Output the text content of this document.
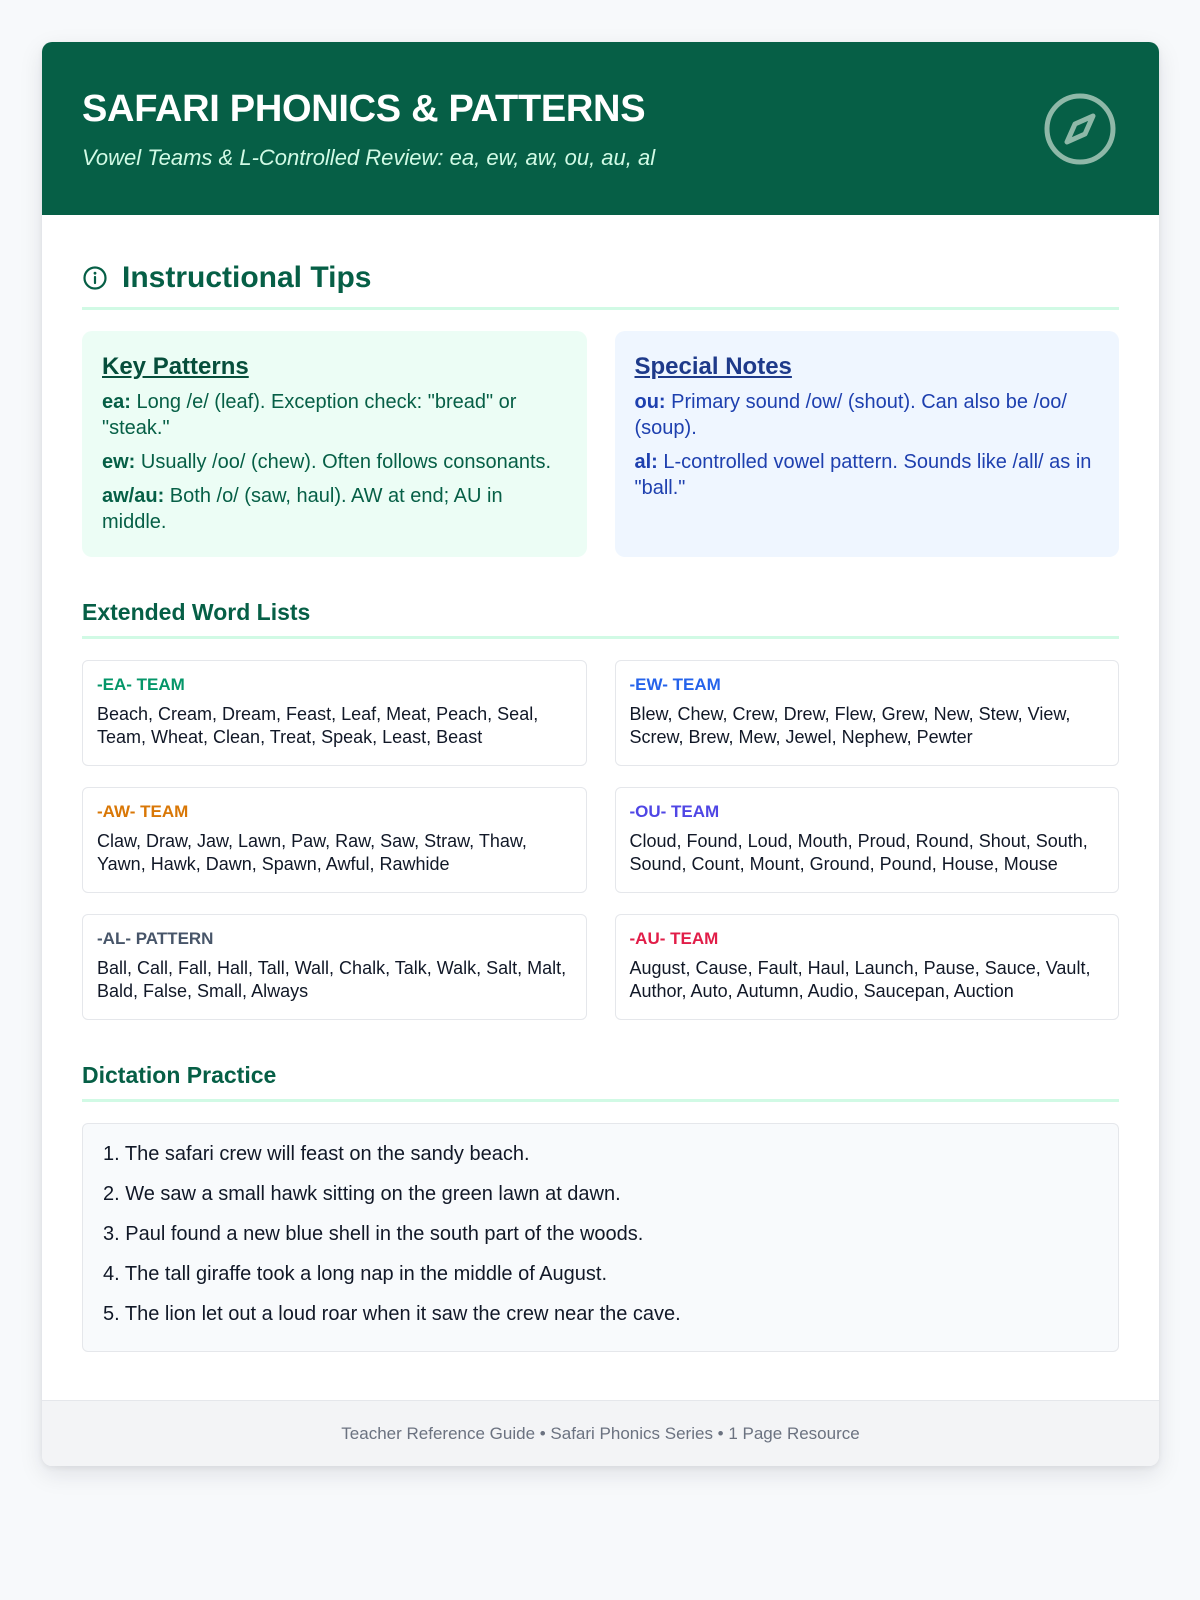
SAFARI PHONICS & PATTERNS
Vowel Teams & L-Controlled Review: ea, ew, aw, ou, au, al
Instructional Tips
Key Patterns

ea: Long /e/ (leaf). Exception check: "bread" or "steak."

ew: Usually /oo/ (chew). Often follows consonants.

aw/au: Both /o/ (saw, haul). AW at end; AU in middle.

Special Notes

ou: Primary sound /ow/ (shout). Can also be /oo/ (soup).

al: L-controlled vowel pattern. Sounds like /all/ as in "ball."

Extended Word Lists
-EA- TEAM
Beach, Cream, Dream, Feast, Leaf, Meat, Peach, Seal, Team, Wheat, Clean, Treat, Speak, Least, Beast
-EW- TEAM
Blew, Chew, Crew, Drew, Flew, Grew, New, Stew, View, Screw, Brew, Mew, Jewel, Nephew, Pewter
-AW- TEAM
Claw, Draw, Jaw, Lawn, Paw, Raw, Saw, Straw, Thaw, Yawn, Hawk, Dawn, Spawn, Awful, Rawhide
-OU- TEAM
Cloud, Found, Loud, Mouth, Proud, Round, Shout, South, Sound, Count, Mount, Ground, Pound, House, Mouse
-AL- PATTERN
Ball, Call, Fall, Hall, Tall, Wall, Chalk, Talk, Walk, Salt, Malt, Bald, False, Small, Always
-AU- TEAM
August, Cause, Fault, Haul, Launch, Pause, Sauce, Vault, Author, Auto, Autumn, Audio, Saucepan, Auction
Dictation Practice
1. The safari crew will feast on the sandy beach.
2. We saw a small hawk sitting on the green lawn at dawn.
3. Paul found a new blue shell in the south part of the woods.
4. The tall giraffe took a long nap in the middle of August.
5. The lion let out a loud roar when it saw the crew near the cave.
Teacher Reference Guide • Safari Phonics Series • 1 Page Resource
